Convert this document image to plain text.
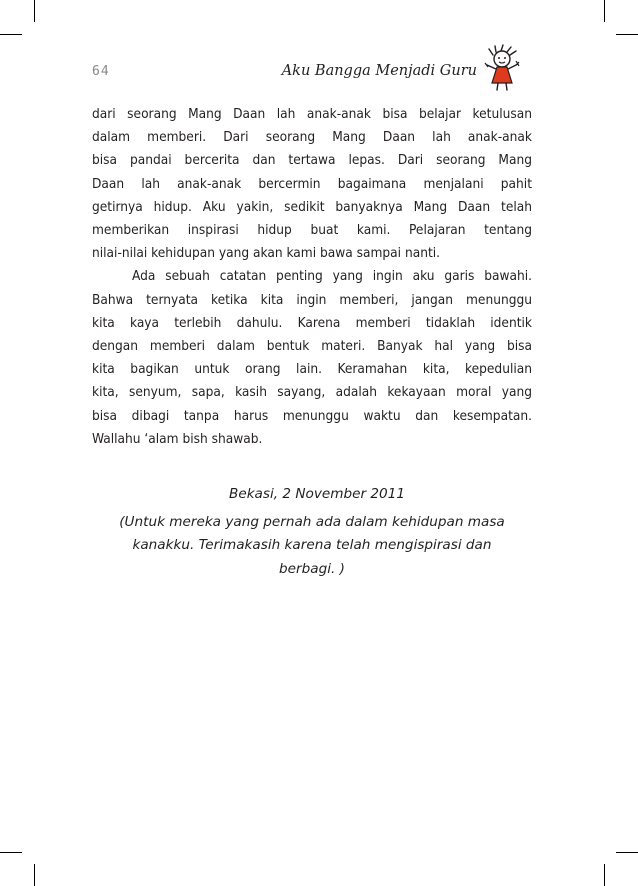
64	Aku Bangga Menjadi Guru

dari seorang Mang Daan lah anak-anak bisa belajar ketulusan
dalam memberi. Dari seorang Mang Daan lah anak-anak
bisa pandai bercerita dan tertawa lepas. Dari seorang Mang
Daan lah anak-anak bercermin bagaimana menjalani pahit
getirnya hidup. Aku yakin, sedikit banyaknya Mang Daan telah
memberikan inspirasi hidup buat kami. Pelajaran tentang
nilai-nilai kehidupan yang akan kami bawa sampai nanti.

Ada sebuah catatan penting yang ingin aku garis bawahi.
Bahwa ternyata ketika kita ingin memberi, jangan menunggu
kita kaya terlebih dahulu. Karena memberi tidaklah identik
dengan memberi dalam bentuk materi. Banyak hal yang bisa
kita bagikan untuk orang lain. Keramahan kita, kepedulian
kita, senyum, sapa, kasih sayang, adalah kekayaan moral yang
bisa dibagi tanpa harus menunggu waktu dan kesempatan.
Wallahu ‘alam bish shawab.

Bekasi, 2 November 2011
(Untuk mereka yang pernah ada dalam kehidupan masa
kanakku. Terimakasih karena telah mengispirasi dan
berbagi. )
